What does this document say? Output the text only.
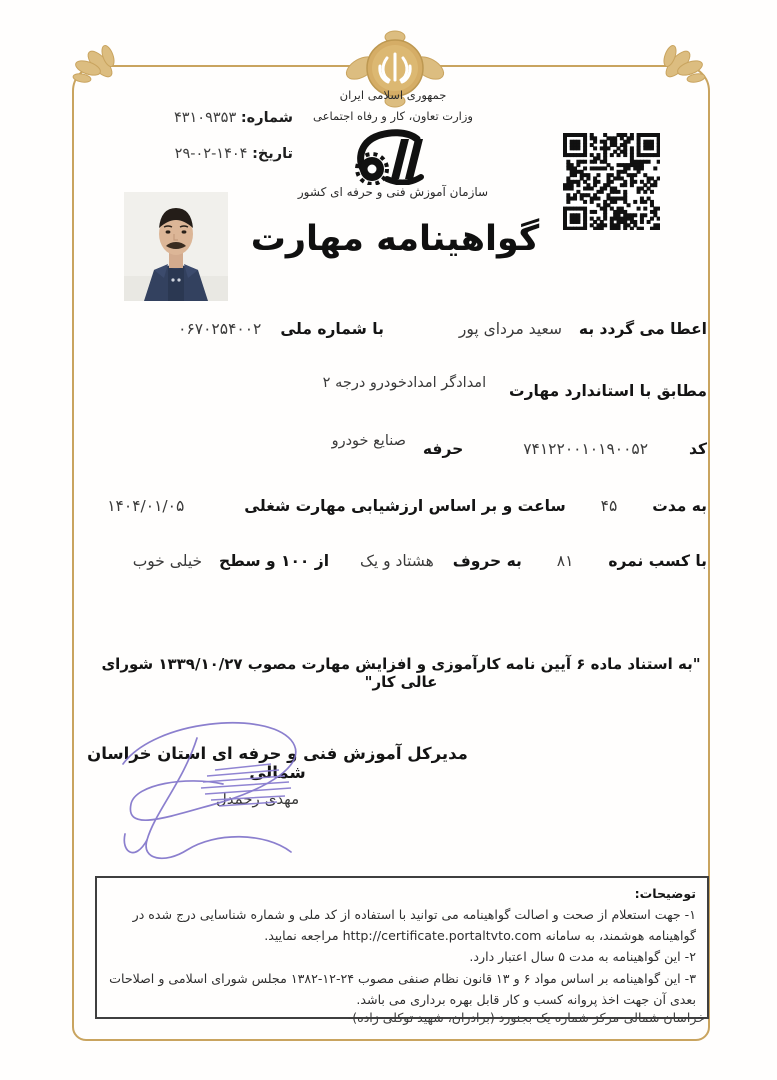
جمهوری اسلامی ایران
وزارت تعاون، کار و رفاه اجتماعی
سازمان آموزش فنی و حرفه ای کشور
شماره: ۴۳۱۰۹۳۵۳
تاریخ: ۱۴۰۴-۰۲-۲۹
گواهینامه مهارت
اعطا می گردد به سعید مردای پور با شماره ملی ۰۶۷۰۲۵۴۰۰۲
مطابق با استاندارد مهارت امدادگر امدادخودرو درجه ۲
کد ۷۴۱۲۲۰۰۱۰۱۹۰۰۵۲ حرفه صنایع خودرو
به مدت ۴۵ ساعت و بر اساس ارزشیابی مهارت شغلی ۱۴۰۴/۰۱/۰۵
با کسب نمره ۸۱ به حروف هشتاد و یک از ۱۰۰ و سطح خیلی خوب
"به استناد ماده ۶ آیین نامه کارآموزی و افزایش مهارت مصوب ۱۳۳۹/۱۰/۲۷ شورای عالی کار"
مدیرکل آموزش فنی و حرفه ای استان خراسان شمالی
مهدی رحمدل
توضیحات:
۱- جهت استعلام از صحت و اصالت گواهینامه می توانید با استفاده از کد ملی و شماره شناسایی درج شده در گواهینامه هوشمند، به سامانه http://certificate.portaltvto.com مراجعه نمایید.
۲- این گواهینامه به مدت ۵ سال اعتبار دارد.
۳- این گواهینامه بر اساس مواد ۶ و ۱۳ قانون نظام صنفی مصوب ۲۴-۱۲-۱۳۸۲ مجلس شورای اسلامی و اصلاحات بعدی آن جهت اخذ پروانه کسب و کار قابل بهره برداری می باشد.
خراسان شمالی-مرکز شماره یک بجنورد (برادران، شهید توکلی زاده)-
